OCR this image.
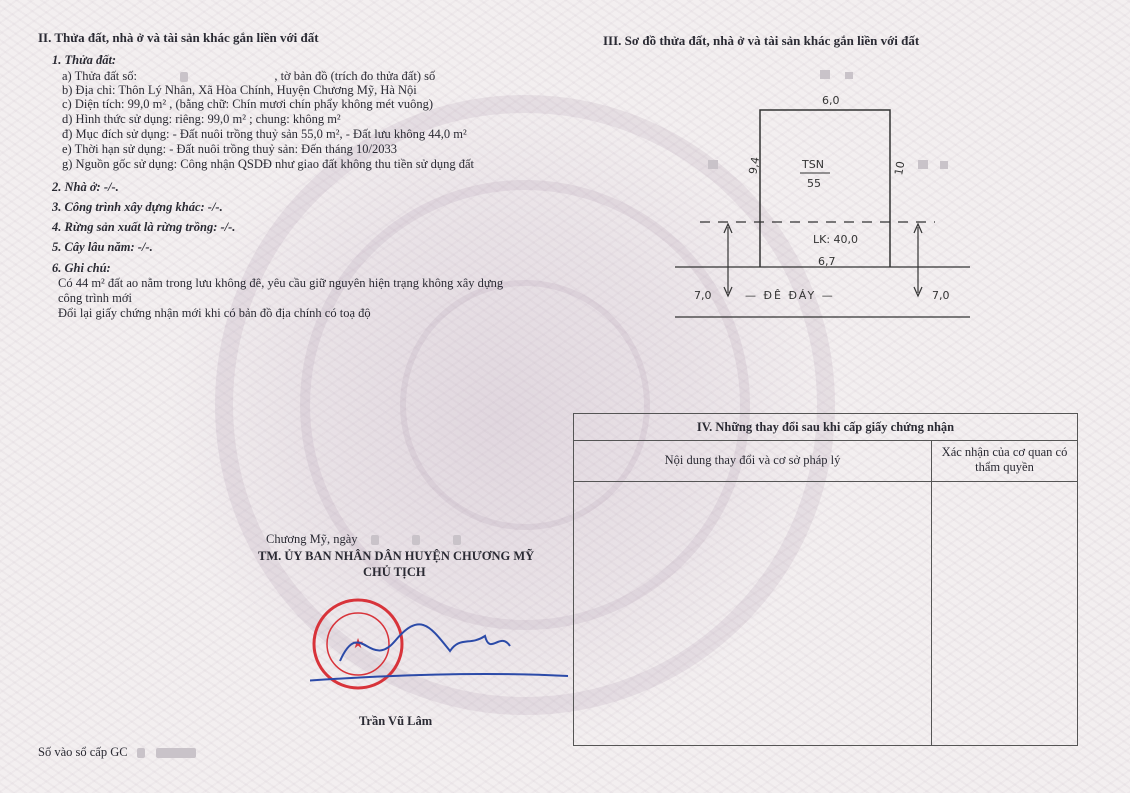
II. Thửa đất, nhà ở và tài sản khác gắn liền với đất
1. Thửa đất:
a) Thửa đất số:	, tờ bản đồ (trích đo thửa đất) số
b) Địa chỉ: Thôn Lý Nhân, Xã Hòa Chính, Huyện Chương Mỹ, Hà Nội
c) Diện tích: 99,0 m² , (bằng chữ: Chín mươi chín phẩy không mét vuông)
d) Hình thức sử dụng: riêng: 99,0 m² ; chung: không m²
đ) Mục đích sử dụng: - Đất nuôi trồng thuỷ sản 55,0 m², - Đất lưu không 44,0 m²
e) Thời hạn sử dụng: - Đất nuôi trồng thuỷ sản: Đến tháng 10/2033
g) Nguồn gốc sử dụng: Công nhận QSDĐ như giao đất không thu tiền sử dụng đất
2. Nhà ở: -/-.
3. Công trình xây dựng khác: -/-.
4. Rừng sản xuất là rừng trồng: -/-.
5. Cây lâu năm: -/-.
6. Ghi chú:
Có 44 m² đất ao nằm trong lưu không đê, yêu cầu giữ nguyên hiện trạng không xây dựng
công trình mới
Đổi lại giấy chứng nhận mới khi có bản đồ địa chính có toạ độ
III. Sơ đồ thửa đất, nhà ở và tài sản khác gắn liền với đất
6,0
9,4	10
TSN
55
LK: 40,0
6,7
7,0	7,0
— ĐÊ ĐÁY —
Chương Mỹ, ngày
TM. ỦY BAN NHÂN DÂN HUYỆN CHƯƠNG MỸ
CHỦ TỊCH
★
Trần Vũ Lâm
Số vào sổ cấp GC
IV. Những thay đổi sau khi cấp giấy chứng nhận
Nội dung thay đổi và cơ sở pháp lý
Xác nhận của cơ quan có thẩm quyền
